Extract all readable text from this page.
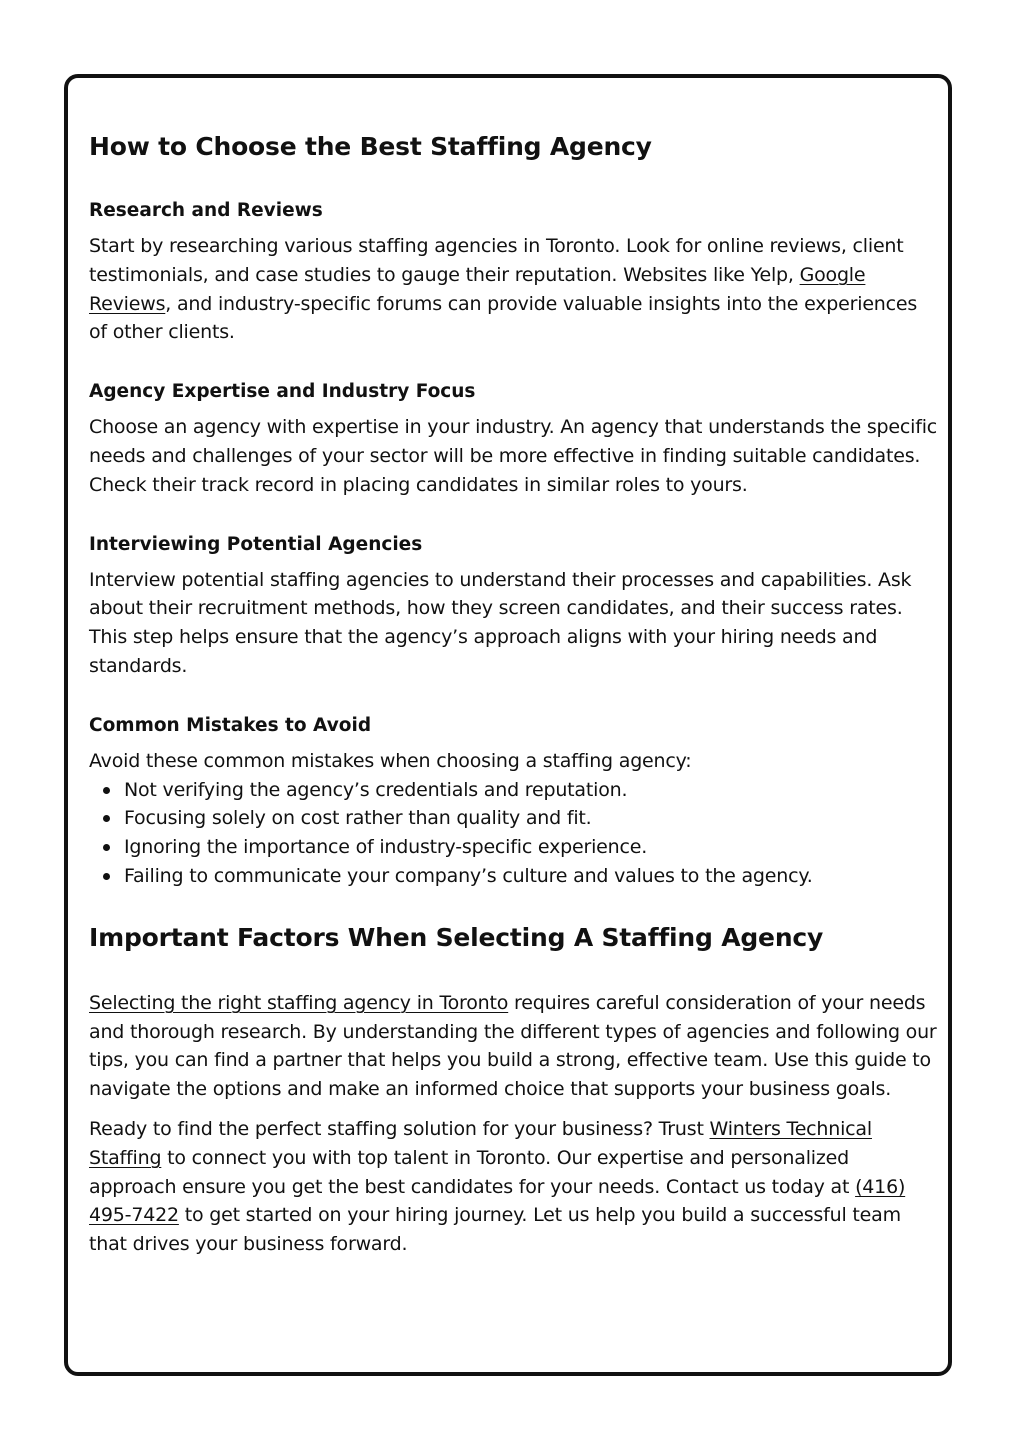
How to Choose the Best Staffing Agency
Research and Reviews

Start by researching various staffing agencies in Toronto. Look for online reviews, client testimonials, and case studies to gauge their reputation. Websites like Yelp, Google Reviews, and industry-specific forums can provide valuable insights into the experiences of other clients.

Agency Expertise and Industry Focus

Choose an agency with expertise in your industry. An agency that understands the specific needs and challenges of your sector will be more effective in finding suitable candidates. Check their track record in placing candidates in similar roles to yours.

Interviewing Potential Agencies

Interview potential staffing agencies to understand their processes and capabilities. Ask about their recruitment methods, how they screen candidates, and their success rates. This step helps ensure that the agency’s approach aligns with your hiring needs and standards.

Common Mistakes to Avoid

Avoid these common mistakes when choosing a staffing agency:

Not verifying the agency’s credentials and reputation.
Focusing solely on cost rather than quality and fit.
Ignoring the importance of industry-specific experience.
Failing to communicate your company’s culture and values to the agency.
Important Factors When Selecting A Staffing Agency

Selecting the right staffing agency in Toronto requires careful consideration of your needs and thorough research. By understanding the different types of agencies and following our tips, you can find a partner that helps you build a strong, effective team. Use this guide to navigate the options and make an informed choice that supports your business goals.

Ready to find the perfect staffing solution for your business? Trust Winters Technical Staffing to connect you with top talent in Toronto. Our expertise and personalized approach ensure you get the best candidates for your needs. Contact us today at (416) 495-7422 to get started on your hiring journey. Let us help you build a successful team that drives your business forward.
